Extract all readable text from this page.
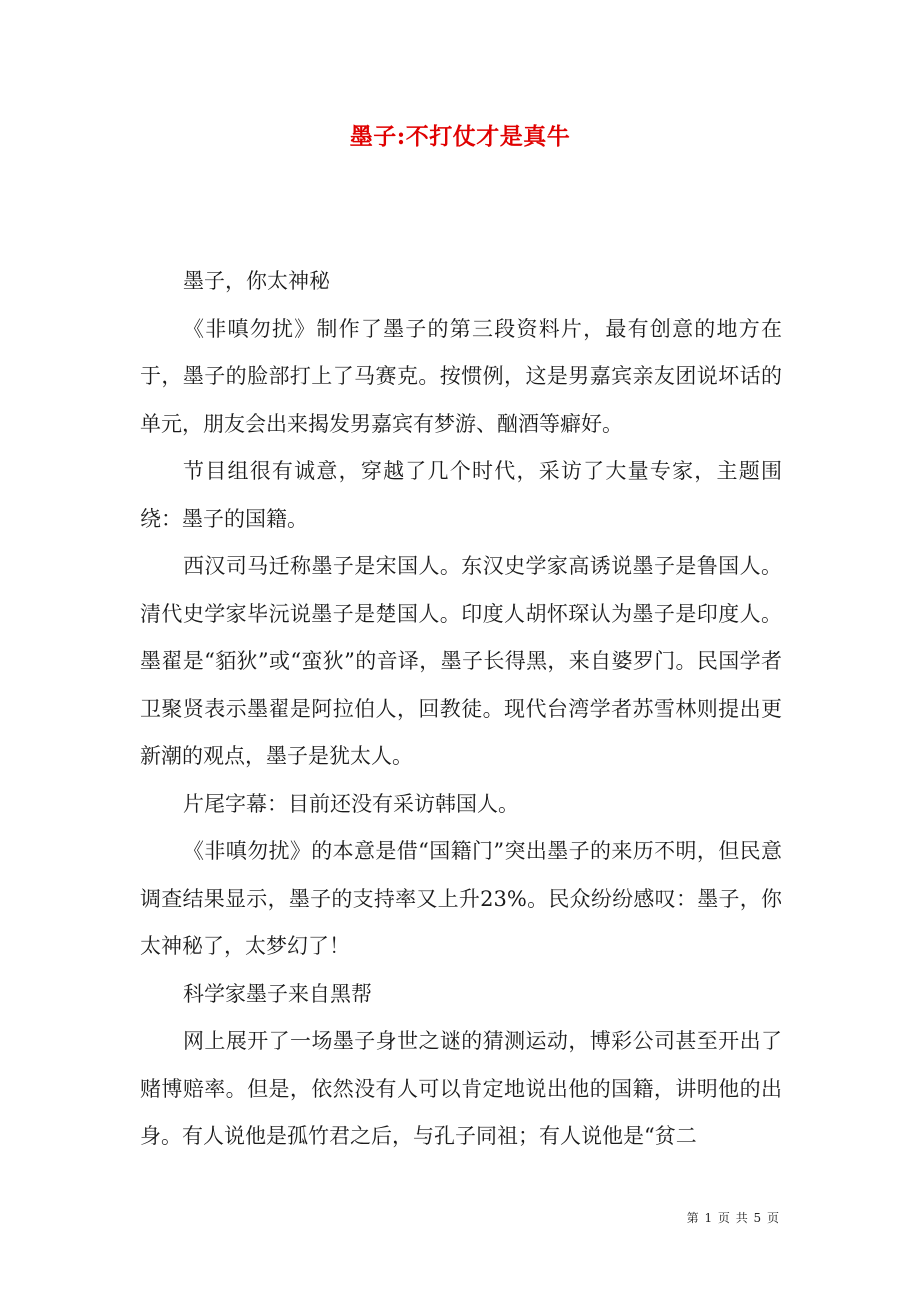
墨子:不打仗才是真牛

墨子，你太神秘

《非嗔勿扰》制作了墨子的第三段资料片，最有创意的地方在于，墨子的脸部打上了马赛克。按惯例，这是男嘉宾亲友团说坏话的单元，朋友会出来揭发男嘉宾有梦游、酗酒等癖好。

节目组很有诚意，穿越了几个时代，采访了大量专家，主题围绕：墨子的国籍。

西汉司马迁称墨子是宋国人。东汉史学家高诱说墨子是鲁国人。清代史学家毕沅说墨子是楚国人。印度人胡怀琛认为墨子是印度人。墨翟是“貊狄”或“蛮狄”的音译，墨子长得黑，来自婆罗门。民国学者卫聚贤表示墨翟是阿拉伯人，回教徒。现代台湾学者苏雪林则提出更新潮的观点，墨子是犹太人。

片尾字幕：目前还没有采访韩国人。

《非嗔勿扰》的本意是借“国籍门”突出墨子的来历不明，但民意调查结果显示，墨子的支持率又上升23%。民众纷纷感叹：墨子，你太神秘了，太梦幻了！

科学家墨子来自黑帮

网上展开了一场墨子身世之谜的猜测运动，博彩公司甚至开出了赌博赔率。但是，依然没有人可以肯定地说出他的国籍，讲明他的出身。有人说他是孤竹君之后，与孔子同祖；有人说他是“贫二

第 1 页 共 5 页
